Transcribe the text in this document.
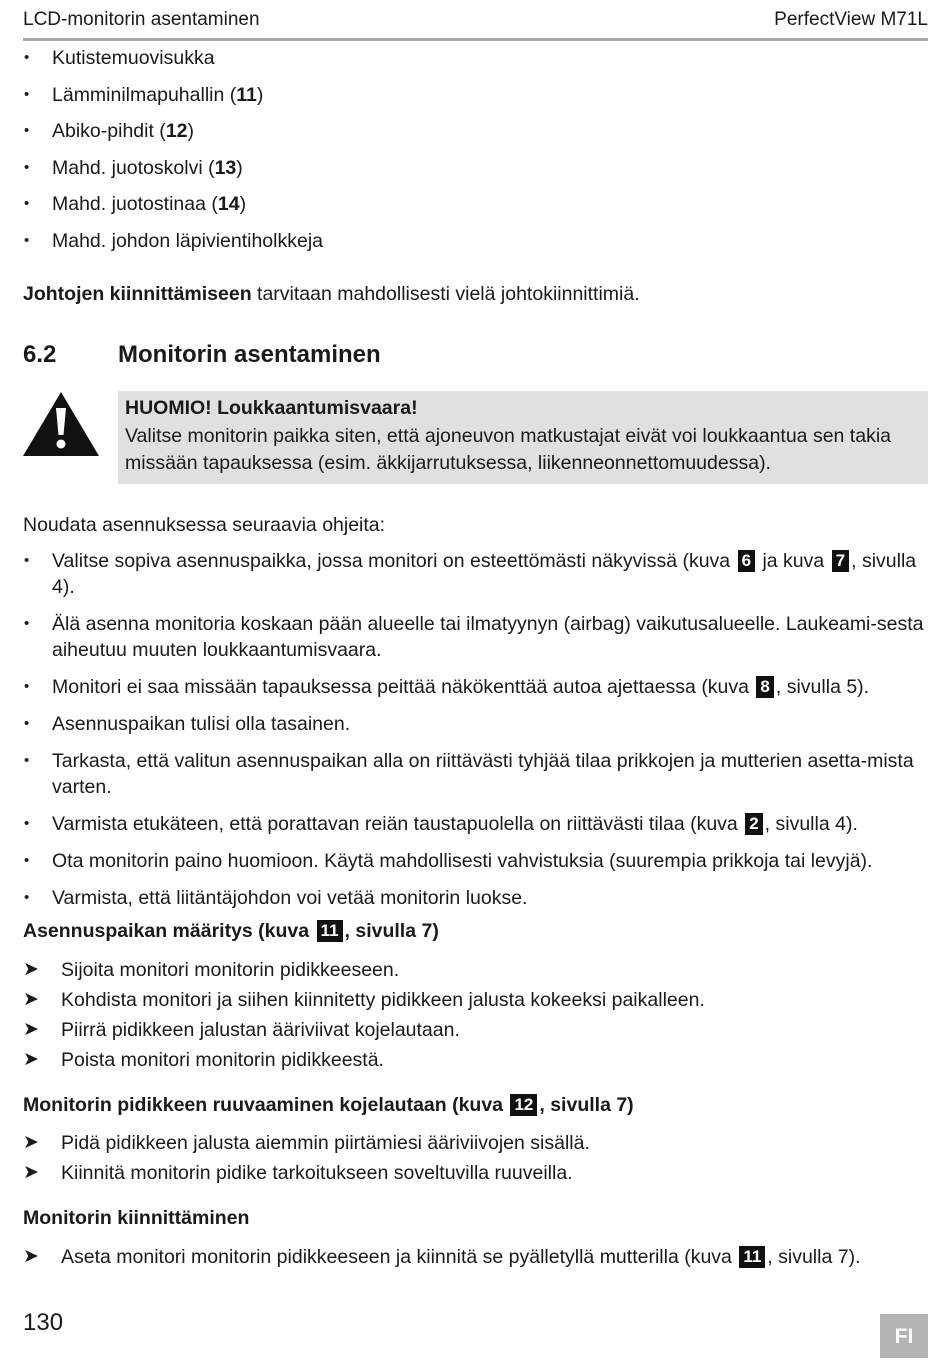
LCD-monitorin asentaminen	PerfectView M71L
• Kutistemuovisukka
• Lämminilmapuhallin (11)
• Abiko-pihdit (12)
• Mahd. juotoskolvi (13)
• Mahd. juotostinaa (14)
• Mahd. johdon läpivientiholkkeja
Johtojen kiinnittämiseen tarvitaan mahdollisesti vielä johtokiinnittimiä.
6.2	Monitorin asentaminen
HUOMIO! Loukkaantumisvaara!
Valitse monitorin paikka siten, että ajoneuvon matkustajat eivät voi loukkaantua sen takia missään tapauksessa (esim. äkkijarrutuksessa, liikenneonnettomuudessa).
Noudata asennuksessa seuraavia ohjeita:
• Valitse sopiva asennuspaikka, jossa monitori on esteettömästi näkyvissä (kuva 6 ja kuva 7 , sivulla 4).
• Älä asenna monitoria koskaan pään alueelle tai ilmatyynyn (airbag) vaikutusalueelle. Laukeami-sesta aiheutuu muuten loukkaantumisvaara.
• Monitori ei saa missään tapauksessa peittää näkökenttää autoa ajettaessa (kuva 8 , sivulla 5).
• Asennuspaikan tulisi olla tasainen.
• Tarkasta, että valitun asennuspaikan alla on riittävästi tyhjää tilaa prikkojen ja mutterien asetta-mista varten.
• Varmista etukäteen, että porattavan reiän taustapuolella on riittävästi tilaa (kuva 2 , sivulla 4).
• Ota monitorin paino huomioon. Käytä mahdollisesti vahvistuksia (suurempia prikkoja tai levyjä).
• Varmista, että liitäntäjohdon voi vetää monitorin luokse.
Asennuspaikan määritys (kuva 11 , sivulla 7)
➤ Sijoita monitori monitorin pidikkeeseen.
➤ Kohdista monitori ja siihen kiinnitetty pidikkeen jalusta kokeeksi paikalleen.
➤ Piirrä pidikkeen jalustan ääriviivat kojelautaan.
➤ Poista monitori monitorin pidikkeestä.
Monitorin pidikkeen ruuvaaminen kojelautaan (kuva 12 , sivulla 7)
➤ Pidä pidikkeen jalusta aiemmin piirtämiesi ääriviivojen sisällä.
➤ Kiinnitä monitorin pidike tarkoitukseen soveltuvilla ruuveilla.
Monitorin kiinnittäminen
➤ Aseta monitori monitorin pidikkeeseen ja kiinnitä se pyälletyllä mutterilla (kuva 11 , sivulla 7).
130
FI
